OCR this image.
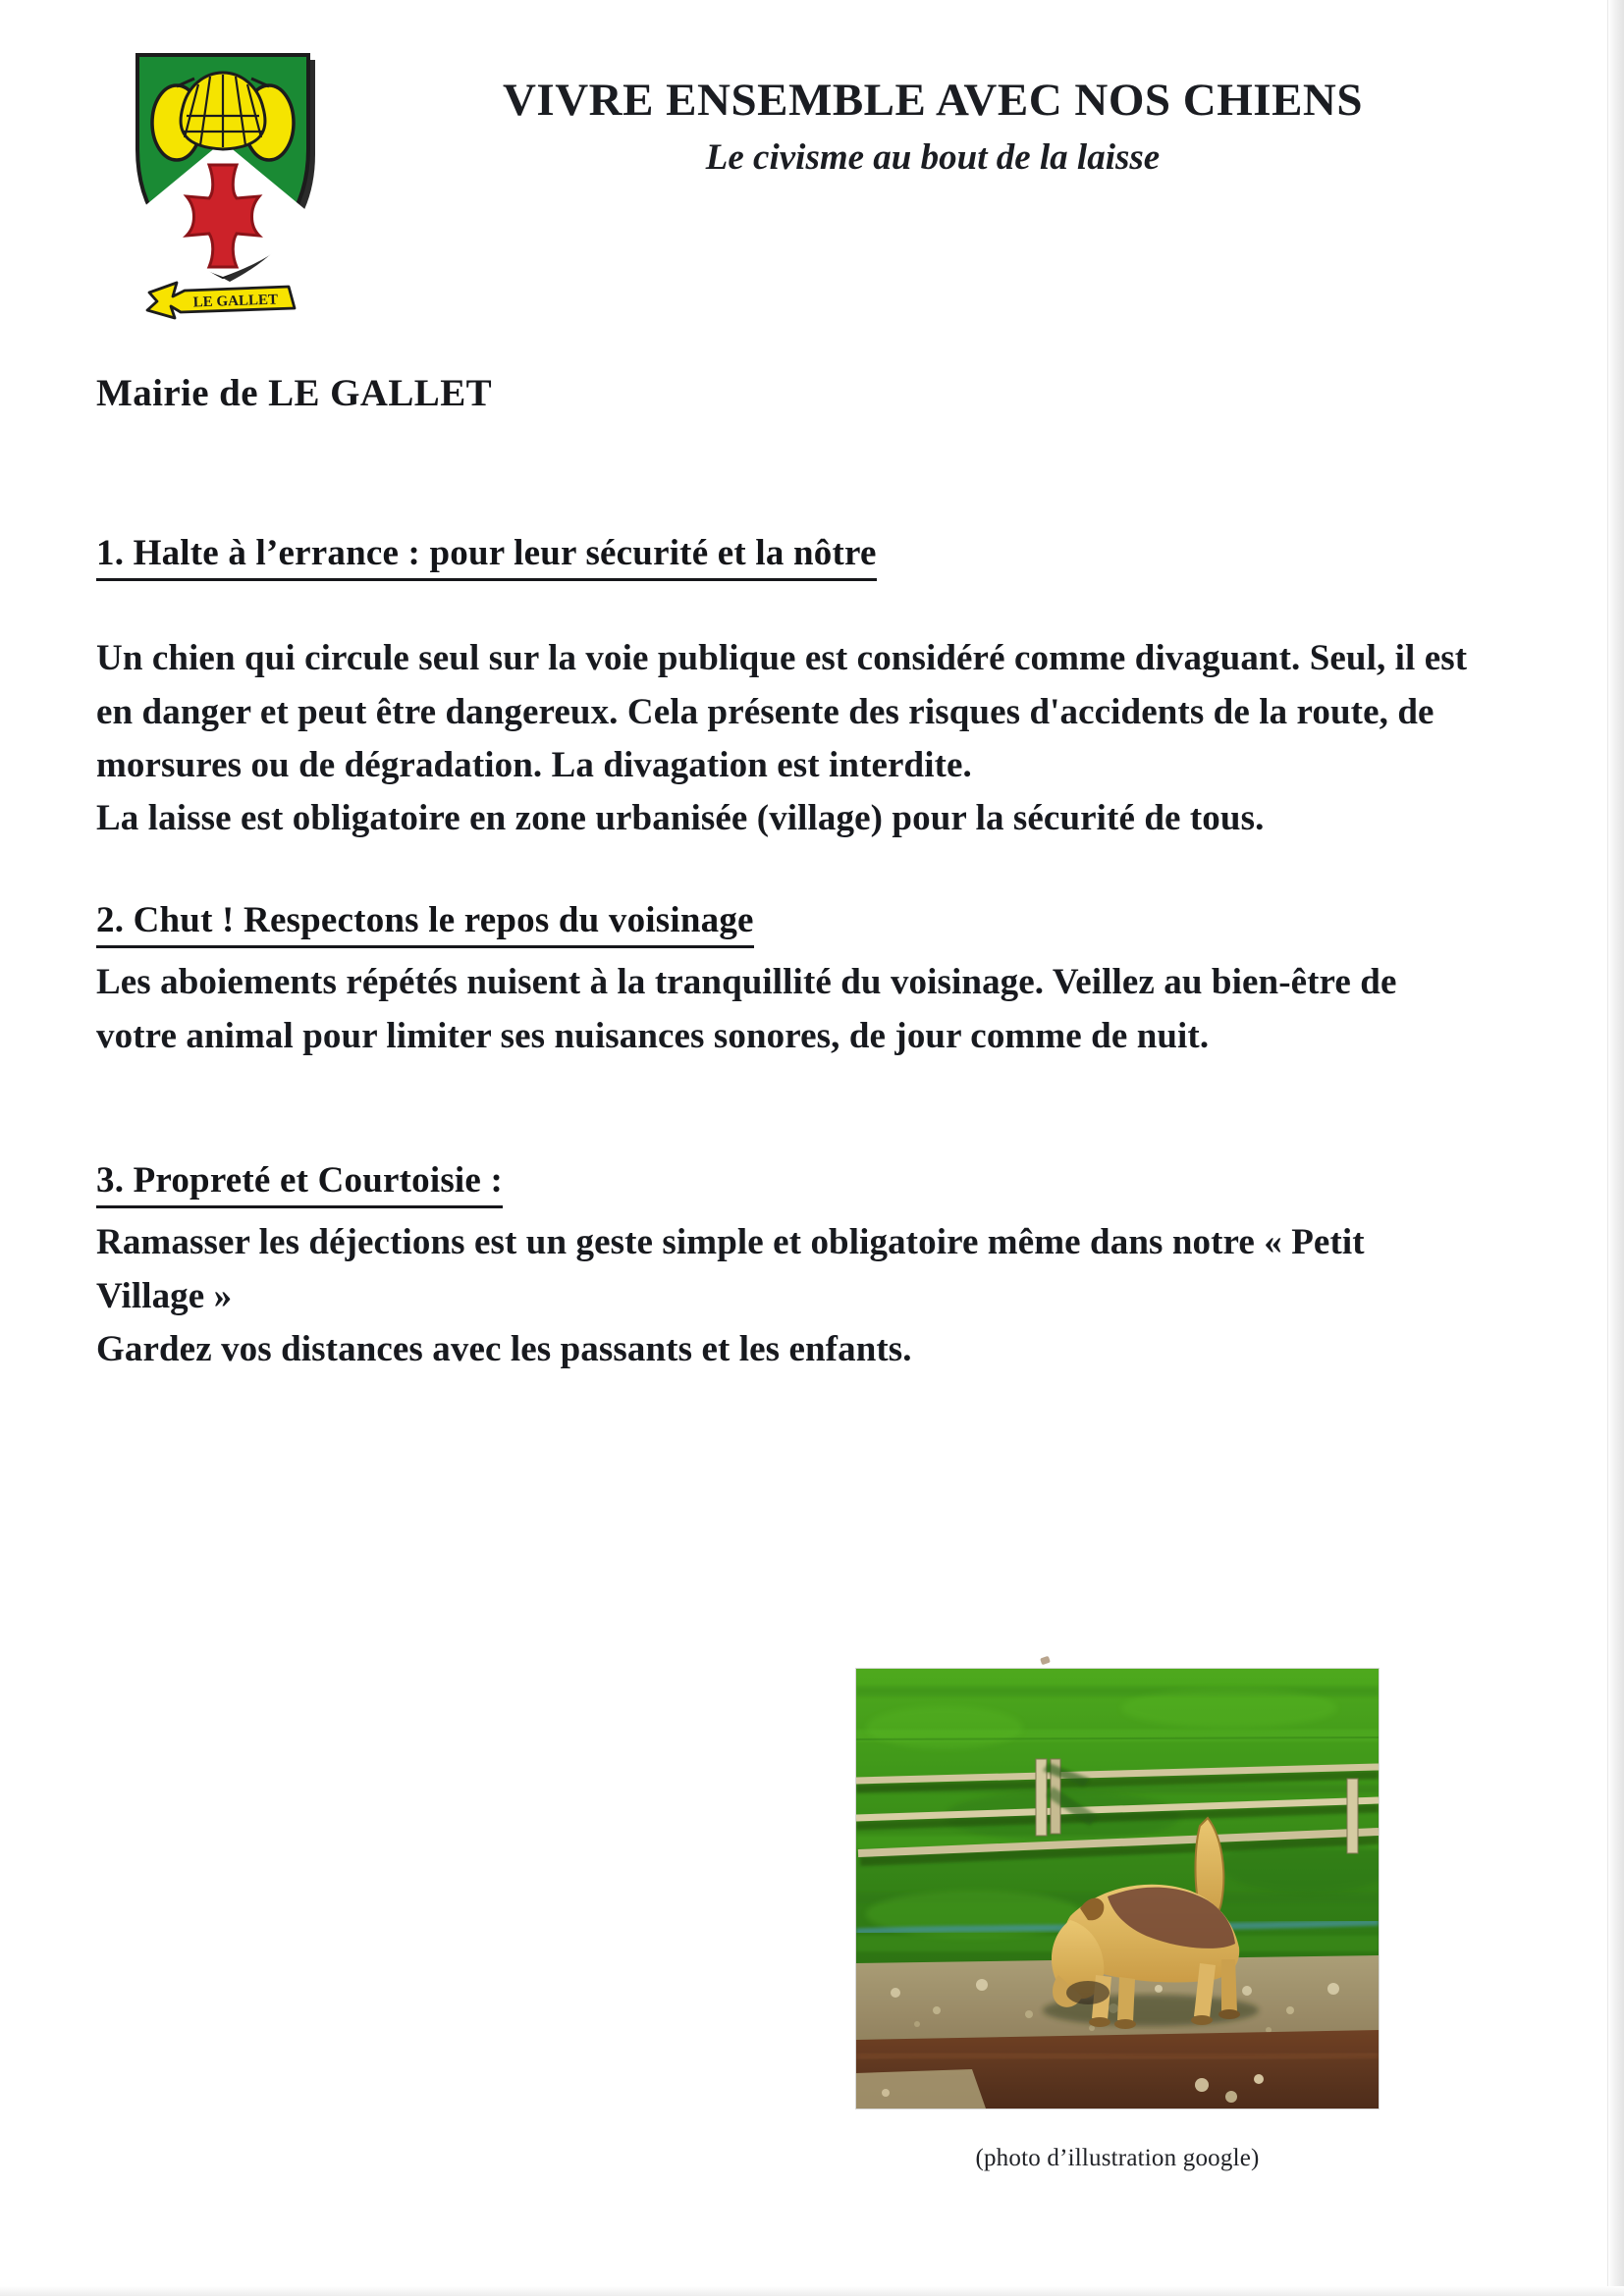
LE GALLET
VIVRE ENSEMBLE AVEC NOS CHIENS
Le civisme au bout de la laisse
Mairie de LE GALLET

1. Halte à l’errance : pour leur sécurité et la nôtre

Un chien qui circule seul sur la voie publique est considéré comme divaguant. Seul, il est en danger et peut être dangereux. Cela présente des risques d'accidents de la route, de morsures ou de dégradation. La divagation est interdite.

La laisse est obligatoire en zone urbanisée (village) pour la sécurité de tous.

2. Chut ! Respectons le repos du voisinage

Les aboiements répétés nuisent à la tranquillité du voisinage. Veillez au bien-être de votre animal pour limiter ses nuisances sonores, de jour comme de nuit.

3. Propreté et Courtoisie :

Ramasser les déjections est un geste simple et obligatoire même dans notre « Petit Village »

Gardez vos distances avec les passants et les enfants.

(photo d’illustration google)
